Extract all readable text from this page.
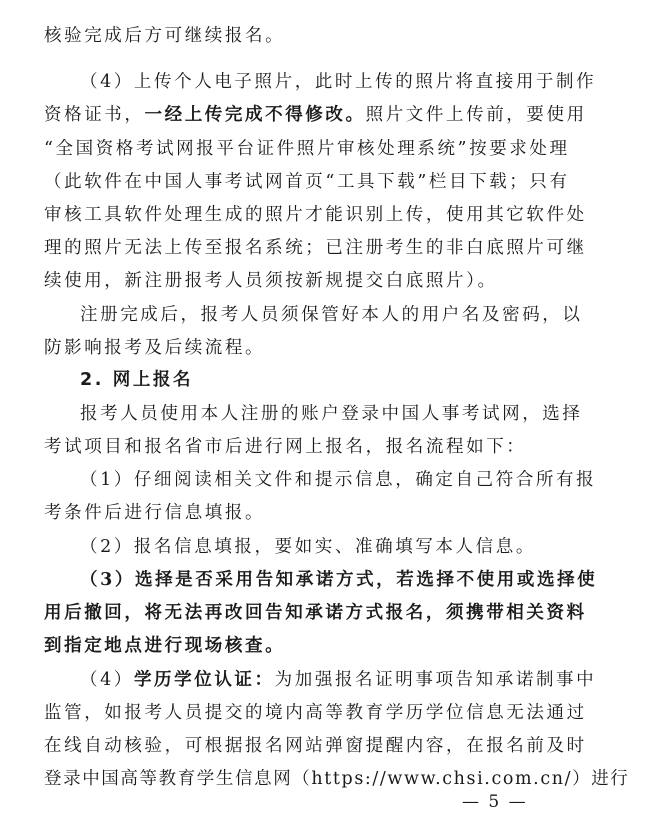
核验完成后方可继续报名。
（4）上传个人电子照片，此时上传的照片将直接用于制作
资格证书，一经上传完成不得修改。照片文件上传前，要使用
“全国资格考试网报平台证件照片审核处理系统”按要求处理
（此软件在中国人事考试网首页“工具下载”栏目下载；只有
审核工具软件处理生成的照片才能识别上传，使用其它软件处
理的照片无法上传至报名系统；已注册考生的非白底照片可继
续使用，新注册报考人员须按新规提交白底照片）。
注册完成后，报考人员须保管好本人的用户名及密码，以
防影响报考及后续流程。
2. 网上报名
报考人员使用本人注册的账户登录中国人事考试网，选择
考试项目和报名省市后进行网上报名，报名流程如下：
（1）仔细阅读相关文件和提示信息，确定自己符合所有报
考条件后进行信息填报。
（2）报名信息填报，要如实、准确填写本人信息。
（3）选择是否采用告知承诺方式，若选择不使用或选择使
用后撤回，将无法再改回告知承诺方式报名，须携带相关资料
到指定地点进行现场核查。
（4）学历学位认证：为加强报名证明事项告知承诺制事中
监管，如报考人员提交的境内高等教育学历学位信息无法通过
在线自动核验，可根据报名网站弹窗提醒内容，在报名前及时
登录中国高等教育学生信息网（https://www.chsi.com.cn/）进行
— 5 —
